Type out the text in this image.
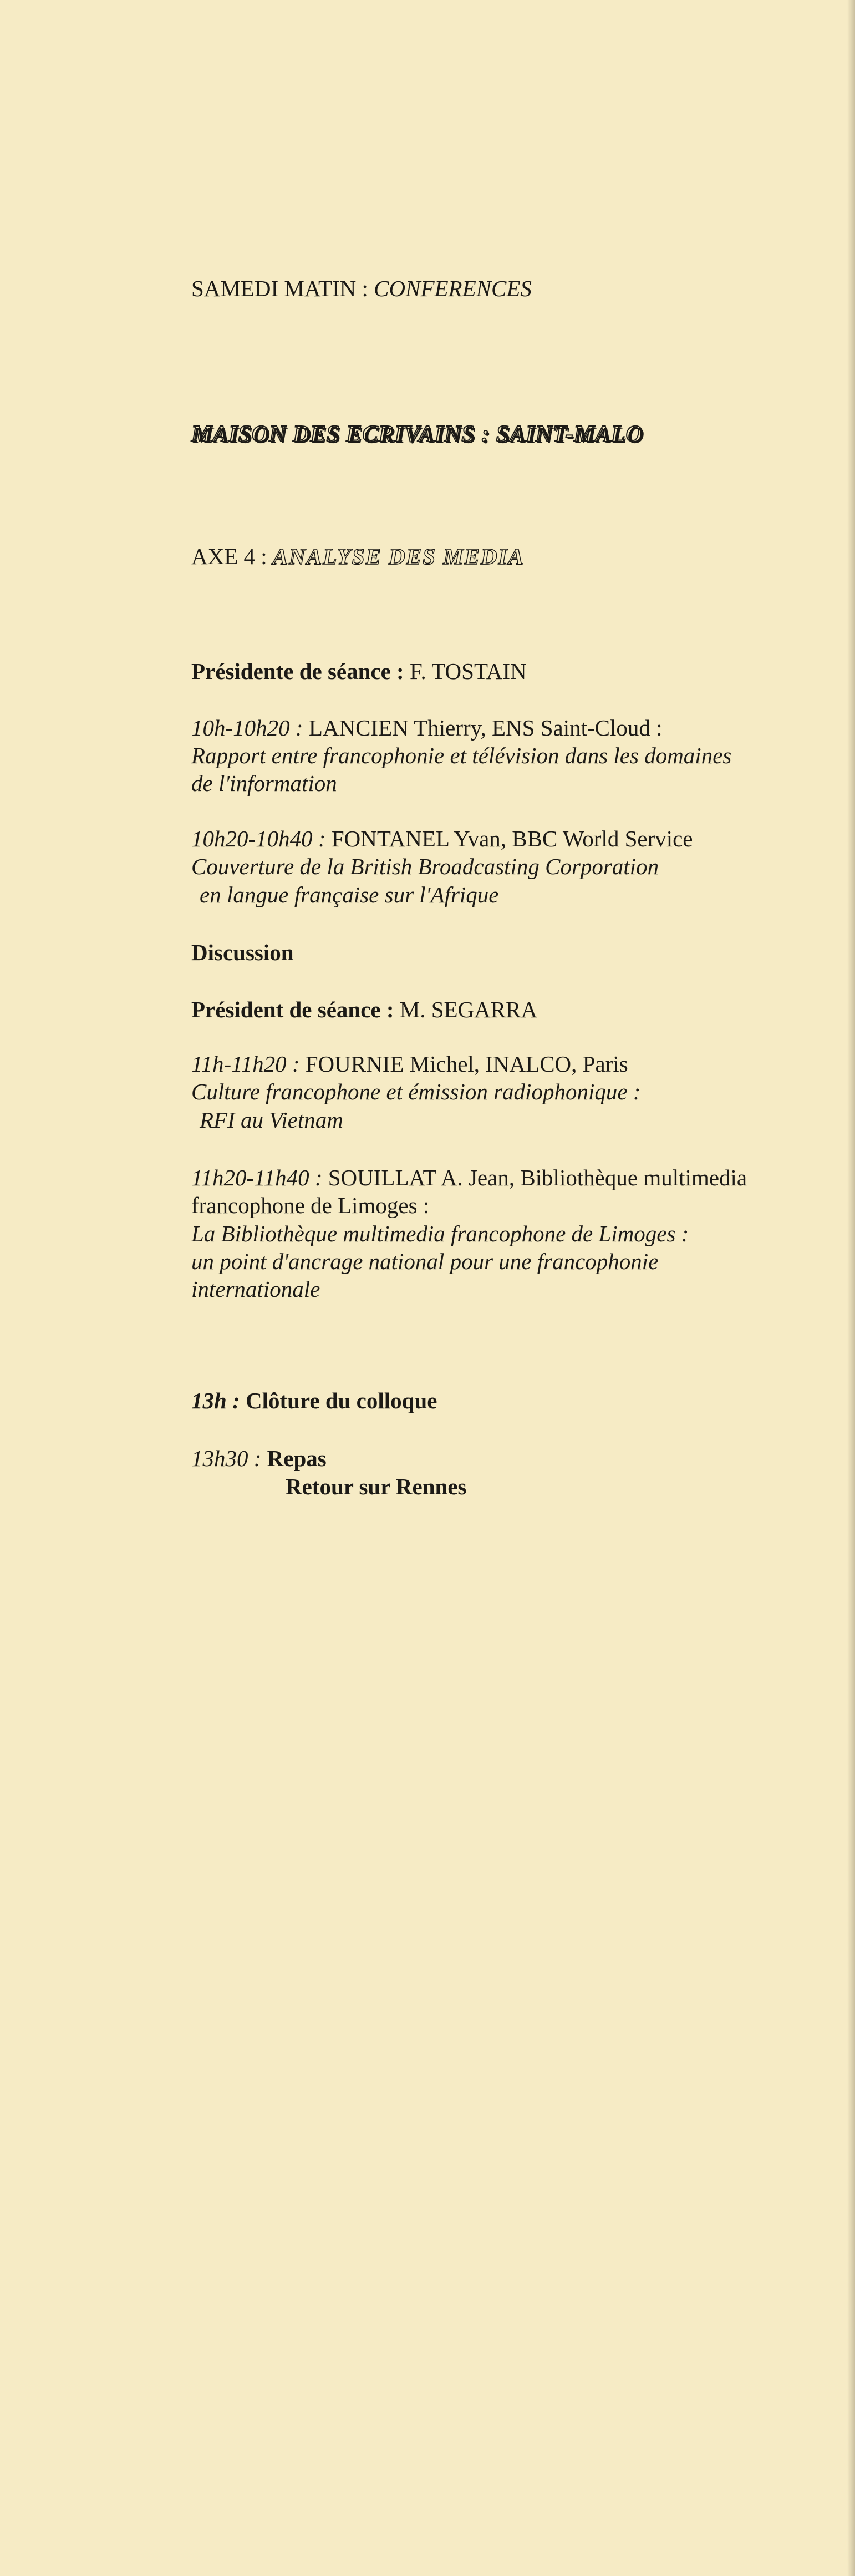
SAMEDI MATIN : CONFERENCES
MAISON DES ECRIVAINS : SAINT-MALO
AXE 4 : ANALYSE DES MEDIA
Présidente de séance : F. TOSTAIN
10h-10h20 : LANCIEN Thierry, ENS Saint-Cloud :
Rapport entre francophonie et télévision dans les domaines
de l'information
10h20-10h40 : FONTANEL Yvan, BBC World Service
Couverture de la British Broadcasting Corporation
en langue française sur l'Afrique
Discussion
Président de séance : M. SEGARRA
11h-11h20 : FOURNIE Michel, INALCO, Paris
Culture francophone et émission radiophonique :
RFI au Vietnam
11h20-11h40 : SOUILLAT A. Jean, Bibliothèque multimedia
francophone de Limoges :
La Bibliothèque multimedia francophone de Limoges :
un point d'ancrage national pour une francophonie
internationale
13h : Clôture du colloque
13h30 : Repas
Retour sur Rennes
